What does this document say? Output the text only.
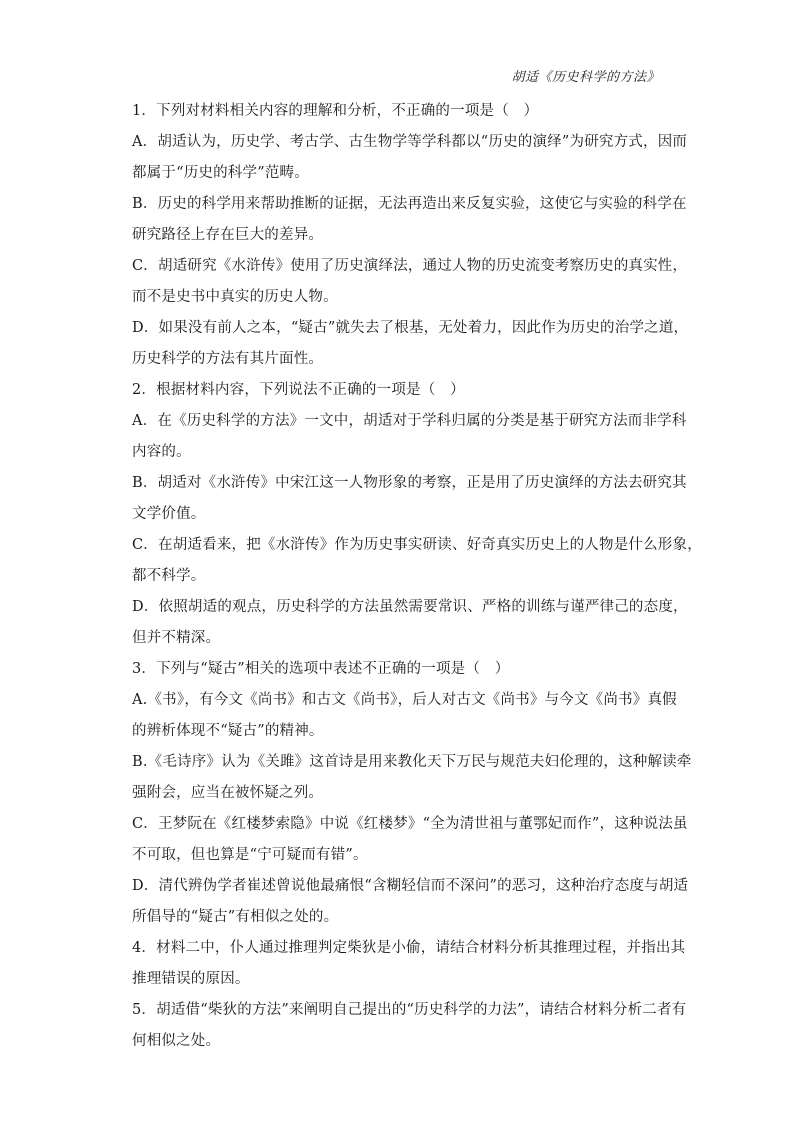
胡适《历史科学的方法》
1．下列对材料相关内容的理解和分析，不正确的一项是（　）
A．胡适认为，历史学、考古学、古生物学等学科都以“历史的演绎”为研究方式，因而
都属于“历史的科学”范畴。
B．历史的科学用来帮助推断的证据，无法再造出来反复实验，这使它与实验的科学在
研究路径上存在巨大的差异。
C．胡适研究《水浒传》使用了历史演绎法，通过人物的历史流变考察历史的真实性，
而不是史书中真实的历史人物。
D．如果没有前人之本，“疑古”就失去了根基，无处着力，因此作为历史的治学之道，
历史科学的方法有其片面性。
2．根据材料内容，下列说法不正确的一项是（　）
A．在《历史科学的方法》一文中，胡适对于学科归属的分类是基于研究方法而非学科
内容的。
B．胡适对《水浒传》中宋江这一人物形象的考察，正是用了历史演绎的方法去研究其
文学价值。
C．在胡适看来，把《水浒传》作为历史事实研读、好奇真实历史上的人物是什么形象，
都不科学。
D．依照胡适的观点，历史科学的方法虽然需要常识、严格的训练与谨严律己的态度，
但并不精深。
3．下列与“疑古”相关的选项中表述不正确的一项是（　）
A.《书》，有今文《尚书》和古文《尚书》，后人对古文《尚书》与今文《尚书》真假
的辨析体现不“疑古”的精神。
B.《毛诗序》认为《关雎》这首诗是用来教化天下万民与规范夫妇伦理的，这种解读牵
强附会，应当在被怀疑之列。
C．王梦阮在《红楼梦索隐》中说《红楼梦》“全为清世祖与董鄂妃而作”，这种说法虽
不可取，但也算是“宁可疑而有错”。
D．清代辨伪学者崔述曾说他最痛恨“含糊轻信而不深问”的恶习，这种治疗态度与胡适
所倡导的“疑古”有相似之处的。
4．材料二中，仆人通过推理判定柴狄是小偷，请结合材料分析其推理过程，并指出其
推理错误的原因。
5．胡适借“柴狄的方法”来阐明自己提出的“历史科学的力法”，请结合材料分析二者有
何相似之处。
